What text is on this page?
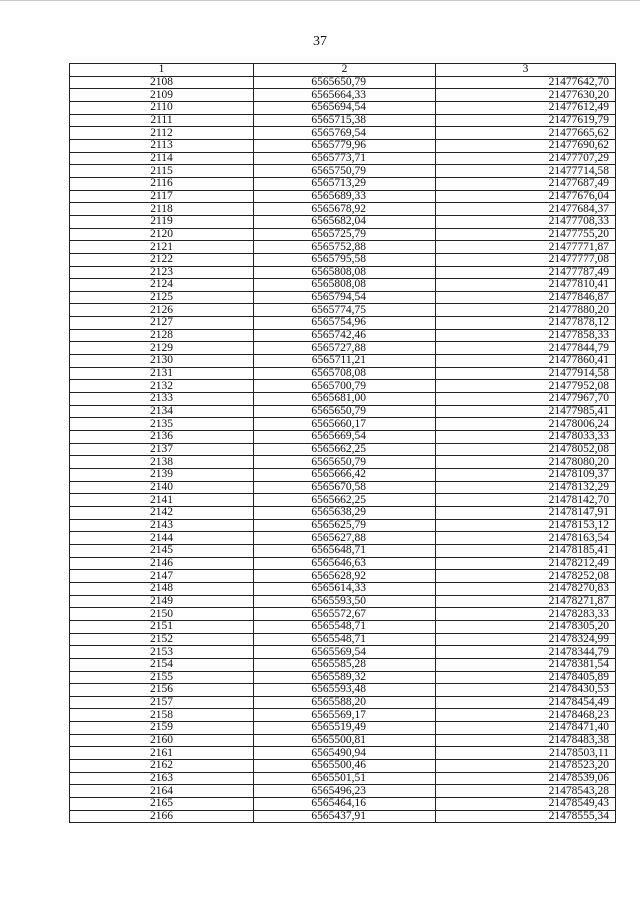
37
1	2	3
2108	6565650,79	21477642,70
2109	6565664,33	21477630,20
2110	6565694,54	21477612,49
2111	6565715,38	21477619,79
2112	6565769,54	21477665,62
2113	6565779,96	21477690,62
2114	6565773,71	21477707,29
2115	6565750,79	21477714,58
2116	6565713,29	21477687,49
2117	6565689,33	21477676,04
2118	6565678,92	21477684,37
2119	6565682,04	21477708,33
2120	6565725,79	21477755,20
2121	6565752,88	21477771,87
2122	6565795,58	21477777,08
2123	6565808,08	21477787,49
2124	6565808,08	21477810,41
2125	6565794,54	21477846,87
2126	6565774,75	21477880,20
2127	6565754,96	21477878,12
2128	6565742,46	21477858,33
2129	6565727,88	21477844,79
2130	6565711,21	21477860,41
2131	6565708,08	21477914,58
2132	6565700,79	21477952,08
2133	6565681,00	21477967,70
2134	6565650,79	21477985,41
2135	6565660,17	21478006,24
2136	6565669,54	21478033,33
2137	6565662,25	21478052,08
2138	6565650,79	21478080,20
2139	6565666,42	21478109,37
2140	6565670,58	21478132,29
2141	6565662,25	21478142,70
2142	6565638,29	21478147,91
2143	6565625,79	21478153,12
2144	6565627,88	21478163,54
2145	6565648,71	21478185,41
2146	6565646,63	21478212,49
2147	6565628,92	21478252,08
2148	6565614,33	21478270,83
2149	6565593,50	21478271,87
2150	6565572,67	21478283,33
2151	6565548,71	21478305,20
2152	6565548,71	21478324,99
2153	6565569,54	21478344,79
2154	6565585,28	21478381,54
2155	6565589,32	21478405,89
2156	6565593,48	21478430,53
2157	6565588,20	21478454,49
2158	6565569,17	21478468,23
2159	6565519,49	21478471,40
2160	6565500,81	21478483,38
2161	6565490,94	21478503,11
2162	6565500,46	21478523,20
2163	6565501,51	21478539,06
2164	6565496,23	21478543,28
2165	6565464,16	21478549,43
2166	6565437,91	21478555,34
